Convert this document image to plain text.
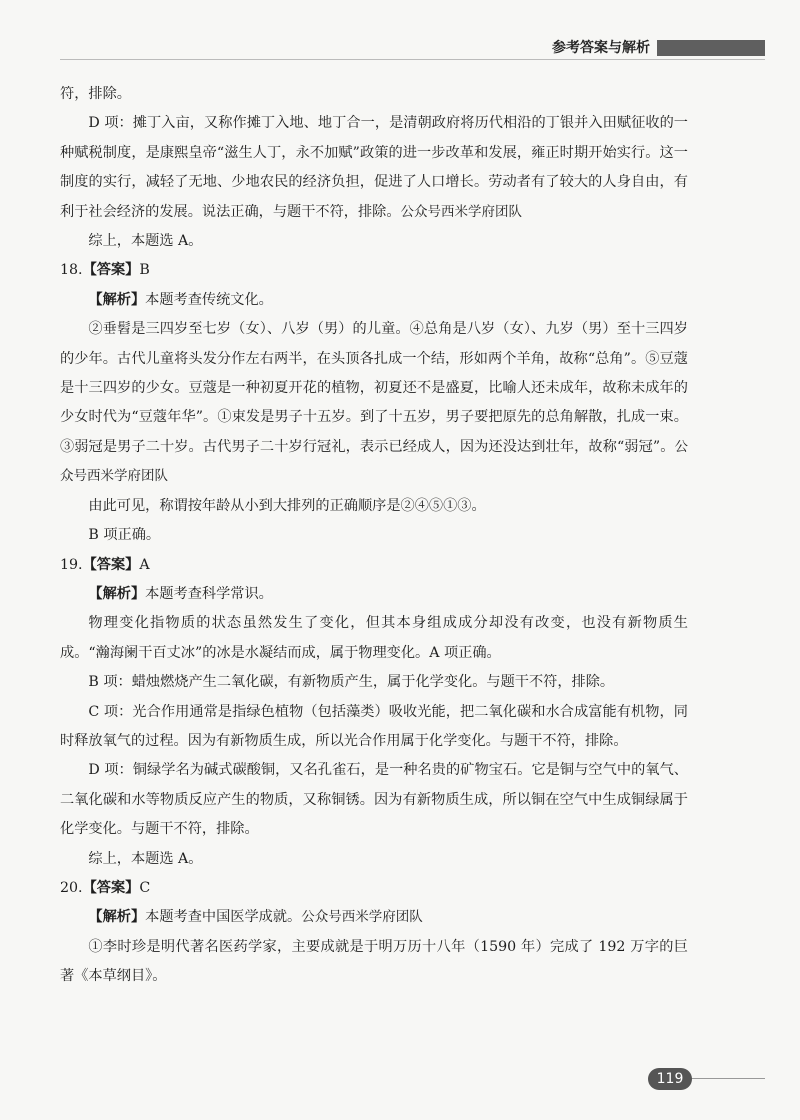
参考答案与解析

符，排除。

D 项：摊丁入亩，又称作摊丁入地、地丁合一，是清朝政府将历代相沿的丁银并入田赋征收的一种赋税制度，是康熙皇帝“滋生人丁，永不加赋”政策的进一步改革和发展，雍正时期开始实行。这一制度的实行，减轻了无地、少地农民的经济负担，促进了人口增长。劳动者有了较大的人身自由，有利于社会经济的发展。说法正确，与题干不符，排除。公众号西米学府团队

综上，本题选 A。

18.【答案】B

【解析】本题考查传统文化。

②垂髫是三四岁至七岁（女）、八岁（男）的儿童。④总角是八岁（女）、九岁（男）至十三四岁的少年。古代儿童将头发分作左右两半，在头顶各扎成一个结，形如两个羊角，故称“总角”。⑤豆蔻是十三四岁的少女。豆蔻是一种初夏开花的植物，初夏还不是盛夏，比喻人还未成年，故称未成年的少女时代为“豆蔻年华”。①束发是男子十五岁。到了十五岁，男子要把原先的总角解散，扎成一束。③弱冠是男子二十岁。古代男子二十岁行冠礼，表示已经成人，因为还没达到壮年，故称“弱冠”。公众号西米学府团队

由此可见，称谓按年龄从小到大排列的正确顺序是②④⑤①③。

B 项正确。

19.【答案】A

【解析】本题考查科学常识。

物理变化指物质的状态虽然发生了变化，但其本身组成成分却没有改变，也没有新物质生成。“瀚海阑干百丈冰”的冰是水凝结而成，属于物理变化。A 项正确。

B 项：蜡烛燃烧产生二氧化碳，有新物质产生，属于化学变化。与题干不符，排除。

C 项：光合作用通常是指绿色植物（包括藻类）吸收光能，把二氧化碳和水合成富能有机物，同时释放氧气的过程。因为有新物质生成，所以光合作用属于化学变化。与题干不符，排除。

D 项：铜绿学名为碱式碳酸铜，又名孔雀石，是一种名贵的矿物宝石。它是铜与空气中的氧气、二氧化碳和水等物质反应产生的物质，又称铜锈。因为有新物质生成，所以铜在空气中生成铜绿属于化学变化。与题干不符，排除。

综上，本题选 A。

20.【答案】C

【解析】本题考查中国医学成就。公众号西米学府团队

①李时珍是明代著名医药学家，主要成就是于明万历十八年（1590 年）完成了 192 万字的巨著《本草纲目》。

119
